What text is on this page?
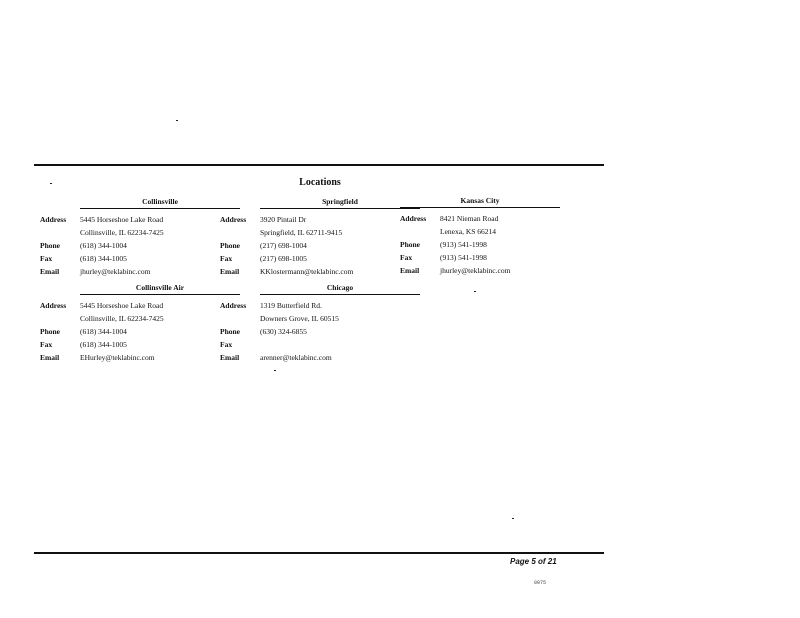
Locations
Collinsville
Address	5445 Horseshoe Lake Road
Collinsville, IL 62234-7425
Phone	(618) 344-1004
Fax	(618) 344-1005
Email	jhurley@teklabinc.com
Springfield
Address	3920 Pintail Dr
Springfield, IL 62711-9415
Phone	(217) 698-1004
Fax	(217) 698-1005
Email	KKlostermann@teklabinc.com
Kansas City
Address	8421 Nieman Road
Lenexa, KS 66214
Phone	(913) 541-1998
Fax	(913) 541-1998
Email	jhurley@teklabinc.com
Collinsville Air
Address	5445 Horseshoe Lake Road
Collinsville, IL 62234-7425
Phone	(618) 344-1004
Fax	(618) 344-1005
Email	EHurley@teklabinc.com
Chicago
Address	1319 Butterfield Rd.
Downers Grove, IL 60515
Phone	(630) 324-6855
Fax
Email	arenner@teklabinc.com
Page 5 of 21
0075
